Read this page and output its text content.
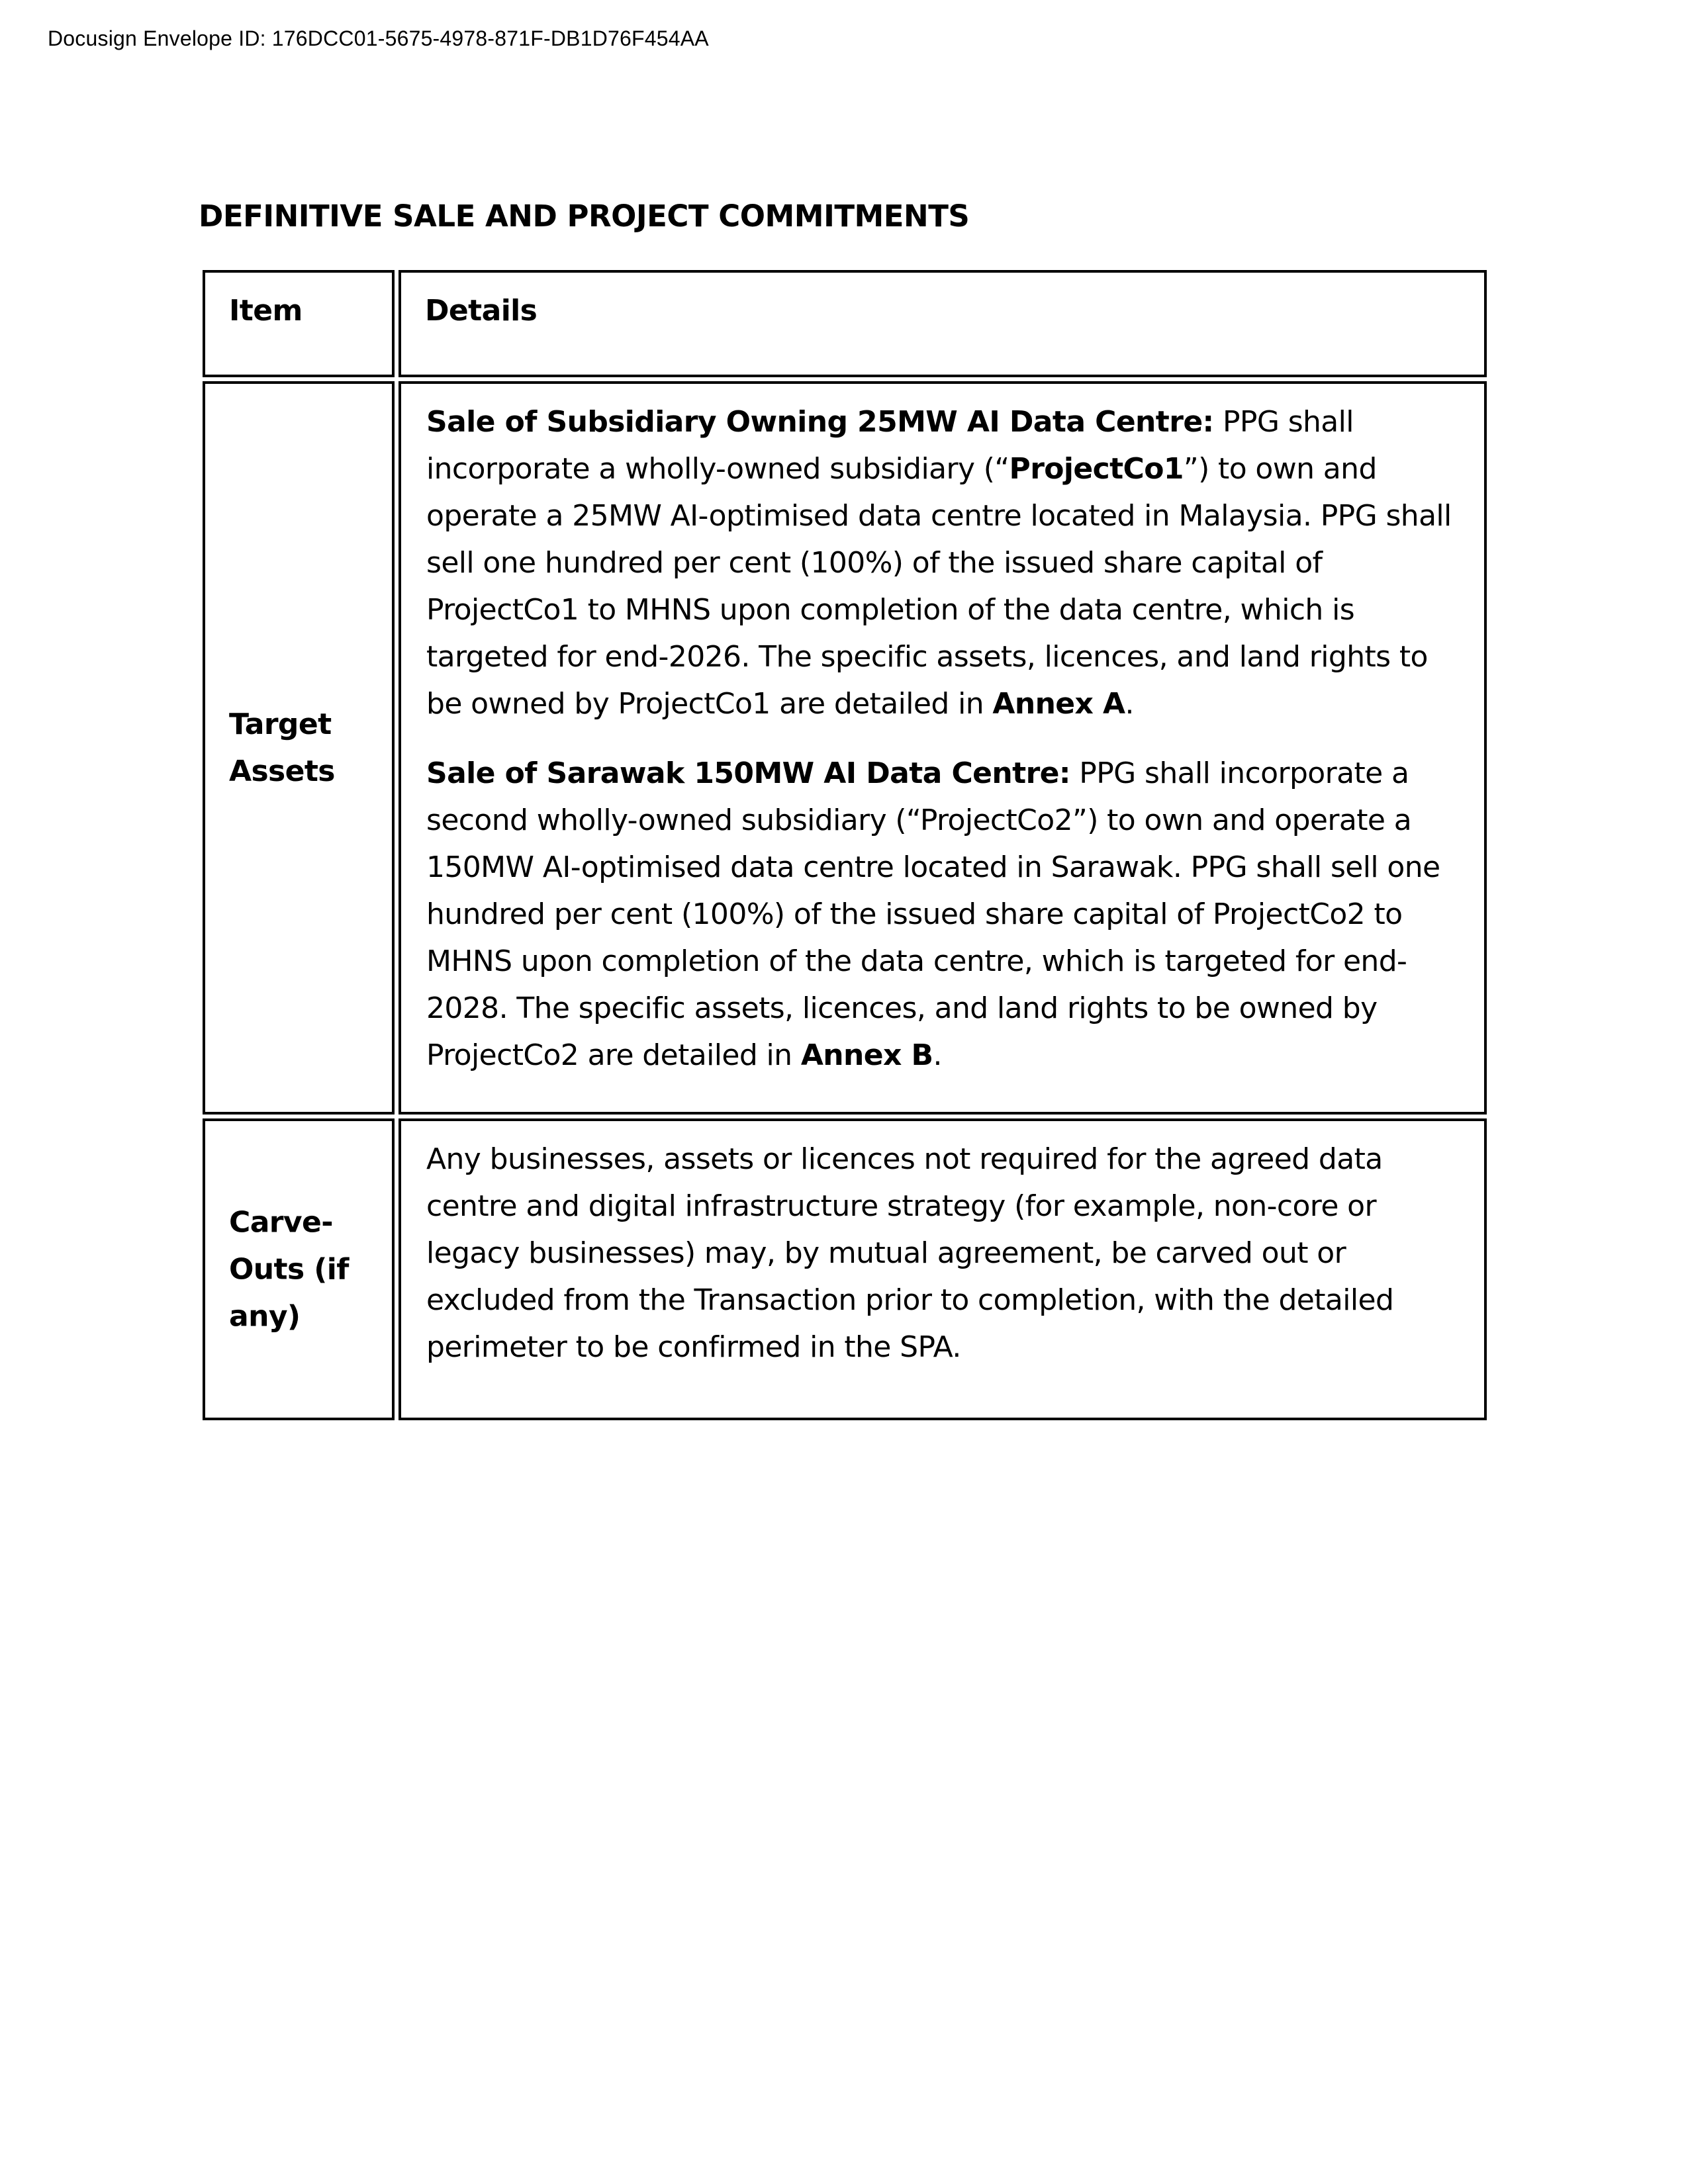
Docusign Envelope ID: 176DCC01-5675-4978-871F-DB1D76F454AA
DEFINITIVE SALE AND PROJECT COMMITMENTS
Item	Details
Target Assets

Sale of Subsidiary Owning 25MW AI Data Centre: PPG shall incorporate a wholly-owned subsidiary (“ProjectCo1”) to own and operate a 25MW AI-optimised data centre located in Malaysia. PPG shall sell one hundred per cent (100%) of the issued share capital of ProjectCo1 to MHNS upon completion of the data centre, which is targeted for end-2026. The specific assets, licences, and land rights to be owned by ProjectCo1 are detailed in Annex A.

Sale of Sarawak 150MW AI Data Centre: PPG shall incorporate a second wholly-owned subsidiary (“ProjectCo2”) to own and operate a 150MW AI-optimised data centre located in Sarawak. PPG shall sell one hundred per cent (100%) of the issued share capital of ProjectCo2 to MHNS upon completion of the data centre, which is targeted for end-2028. The specific assets, licences, and land rights to be owned by ProjectCo2 are detailed in Annex B.

Carve-Outs (if any)

Any businesses, assets or licences not required for the agreed data centre and digital infrastructure strategy (for example, non-core or legacy businesses) may, by mutual agreement, be carved out or excluded from the Transaction prior to completion, with the detailed perimeter to be confirmed in the SPA.
